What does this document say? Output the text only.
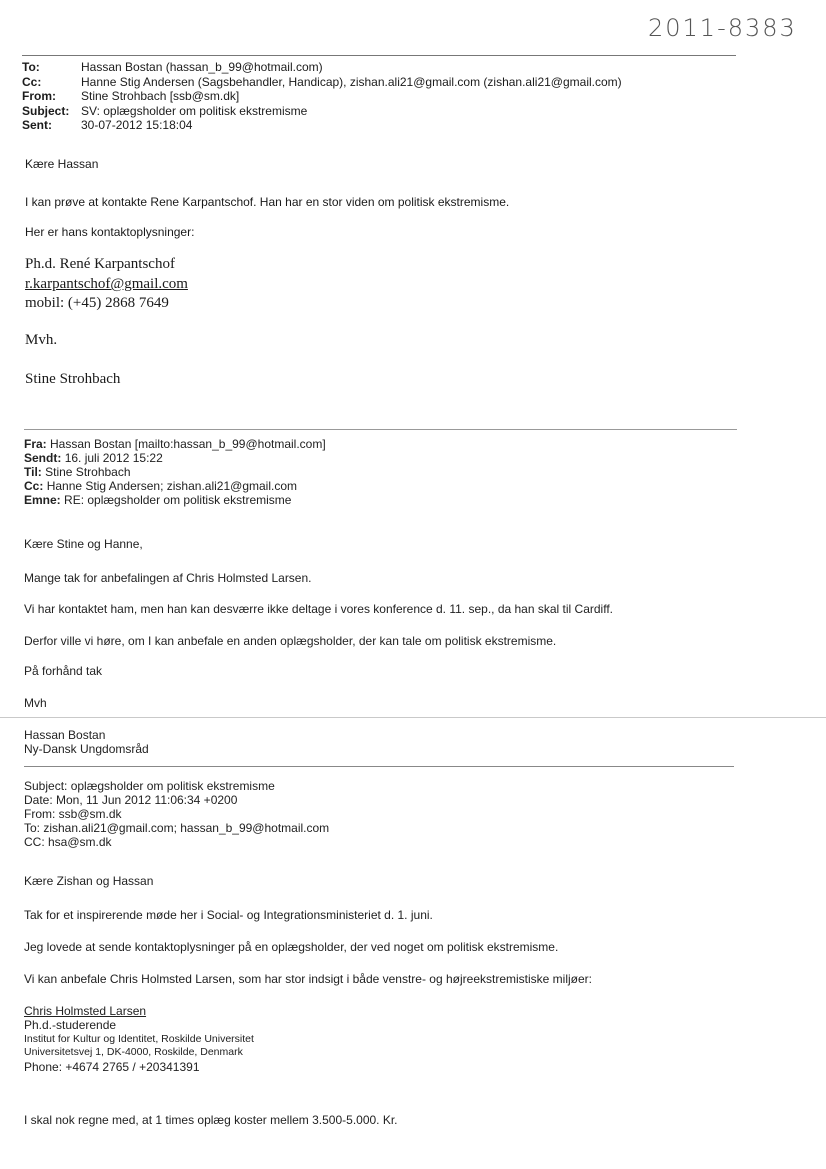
2011-8383
To:	Hassan Bostan (hassan_b_99@hotmail.com)
Cc:	Hanne Stig Andersen (Sagsbehandler, Handicap), zishan.ali21@gmail.com (zishan.ali21@gmail.com)
From:	Stine Strohbach [ssb@sm.dk]
Subject: SV: oplægsholder om politisk ekstremisme
Sent:	30-07-2012 15:18:04
Kære Hassan
I kan prøve at kontakte Rene Karpantschof. Han har en stor viden om politisk ekstremisme.
Her er hans kontaktoplysninger:
Ph.d. René Karpantschof
r.karpantschof@gmail.com
mobil: (+45) 2868 7649
Mvh.
Stine Strohbach
Fra: Hassan Bostan [mailto:hassan_b_99@hotmail.com]
Sendt: 16. juli 2012 15:22
Til: Stine Strohbach
Cc: Hanne Stig Andersen; zishan.ali21@gmail.com
Emne: RE: oplægsholder om politisk ekstremisme
Kære Stine og Hanne,
Mange tak for anbefalingen af Chris Holmsted Larsen.
Vi har kontaktet ham, men han kan desværre ikke deltage i vores konference d. 11. sep., da han skal til Cardiff.
Derfor ville vi høre, om I kan anbefale en anden oplægsholder, der kan tale om politisk ekstremisme.
På forhånd tak
Mvh
Hassan Bostan
Ny-Dansk Ungdomsråd
Subject: oplægsholder om politisk ekstremisme
Date: Mon, 11 Jun 2012 11:06:34 +0200
From: ssb@sm.dk
To: zishan.ali21@gmail.com; hassan_b_99@hotmail.com
CC: hsa@sm.dk
Kære Zishan og Hassan
Tak for et inspirerende møde her i Social- og Integrationsministeriet d. 1. juni.
Jeg lovede at sende kontaktoplysninger på en oplægsholder, der ved noget om politisk ekstremisme.
Vi kan anbefale Chris Holmsted Larsen, som har stor indsigt i både venstre- og højreekstremistiske miljøer:
Chris Holmsted Larsen
Ph.d.-studerende
Institut for Kultur og Identitet, Roskilde Universitet
Universitetsvej 1, DK-4000, Roskilde, Denmark
Phone: +4674 2765 / +20341391
I skal nok regne med, at 1 times oplæg koster mellem 3.500-5.000. Kr.
